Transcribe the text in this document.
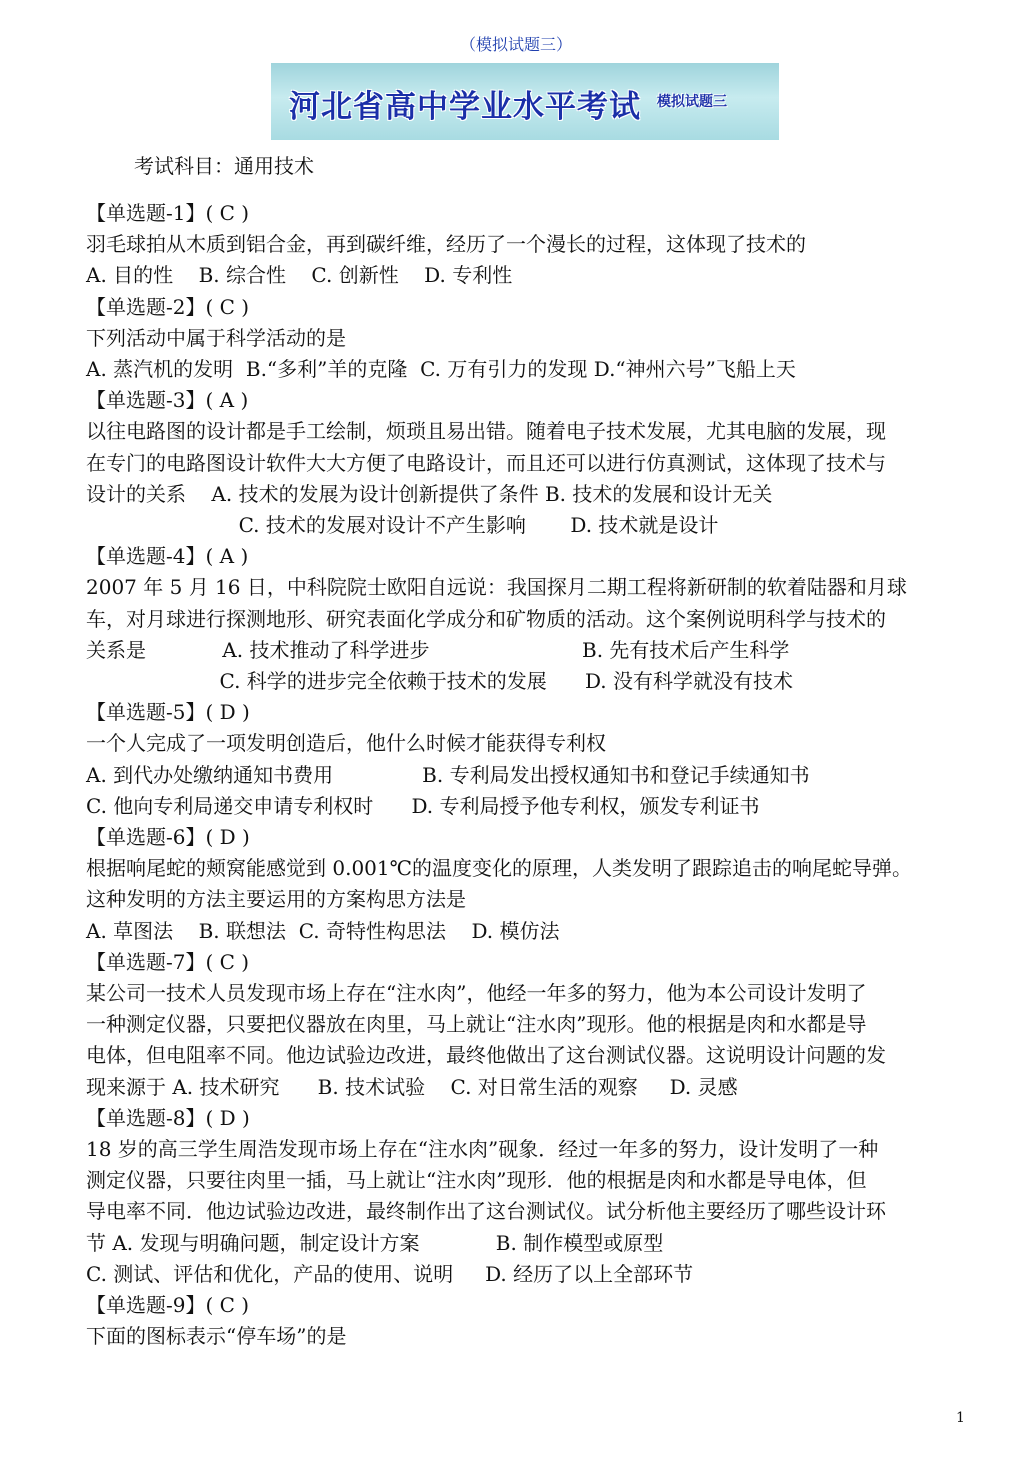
（模拟试题三）
河北省高中学业水平考试 模拟试题三
考试科目：通用技术
【单选题-1】( C )
羽毛球拍从木质到铝合金，再到碳纤维，经历了一个漫长的过程，这体现了技术的
A. 目的性    B. 综合性    C. 创新性    D. 专利性
【单选题-2】( C )
下列活动中属于科学活动的是
A. 蒸汽机的发明  B.“多利”羊的克隆  C. 万有引力的发现 D.“神州六号”飞船上天
【单选题-3】( A )
以往电路图的设计都是手工绘制，烦琐且易出错。随着电子技术发展，尤其电脑的发展，现
在专门的电路图设计软件大大方便了电路设计，而且还可以进行仿真测试，这体现了技术与
设计的关系    A. 技术的发展为设计创新提供了条件 B. 技术的发展和设计无关
C. 技术的发展对设计不产生影响       D. 技术就是设计
【单选题-4】( A )
2007 年 5 月 16 日，中科院院士欧阳自远说：我国探月二期工程将新研制的软着陆器和月球
车，对月球进行探测地形、研究表面化学成分和矿物质的活动。这个案例说明科学与技术的
关系是            A. 技术推动了科学进步                        B. 先有技术后产生科学
C. 科学的进步完全依赖于技术的发展      D. 没有科学就没有技术
【单选题-5】( D )
一个人完成了一项发明创造后，他什么时候才能获得专利权
A. 到代办处缴纳通知书费用              B. 专利局发出授权通知书和登记手续通知书
C. 他向专利局递交申请专利权时      D. 专利局授予他专利权，颁发专利证书
【单选题-6】( D )
根据响尾蛇的颊窝能感觉到 0.001℃的温度变化的原理，人类发明了跟踪追击的响尾蛇导弹。
这种发明的方法主要运用的方案构思方法是
A. 草图法    B. 联想法  C. 奇特性构思法    D. 模仿法
【单选题-7】( C )
某公司一技术人员发现市场上存在“注水肉”，他经一年多的努力，他为本公司设计发明了
一种测定仪器，只要把仪器放在肉里，马上就让“注水肉”现形。他的根据是肉和水都是导
电体，但电阻率不同。他边试验边改进，最终他做出了这台测试仪器。这说明设计问题的发
现来源于 A. 技术研究      B. 技术试验    C. 对日常生活的观察     D. 灵感
【单选题-8】( D )
18 岁的高三学生周浩发现市场上存在“注水肉”砚象．经过一年多的努力，设计发明了一种
测定仪器，只要往肉里一插，马上就让“注水肉”现形．他的根据是肉和水都是导电体，但
导电率不同．他边试验边改进，最终制作出了这台测试仪。试分析他主要经历了哪些设计环
节 A. 发现与明确问题，制定设计方案            B. 制作模型或原型
C. 测试、评估和优化，产品的使用、说明     D. 经历了以上全部环节
【单选题-9】( C )
下面的图标表示“停车场”的是
1
